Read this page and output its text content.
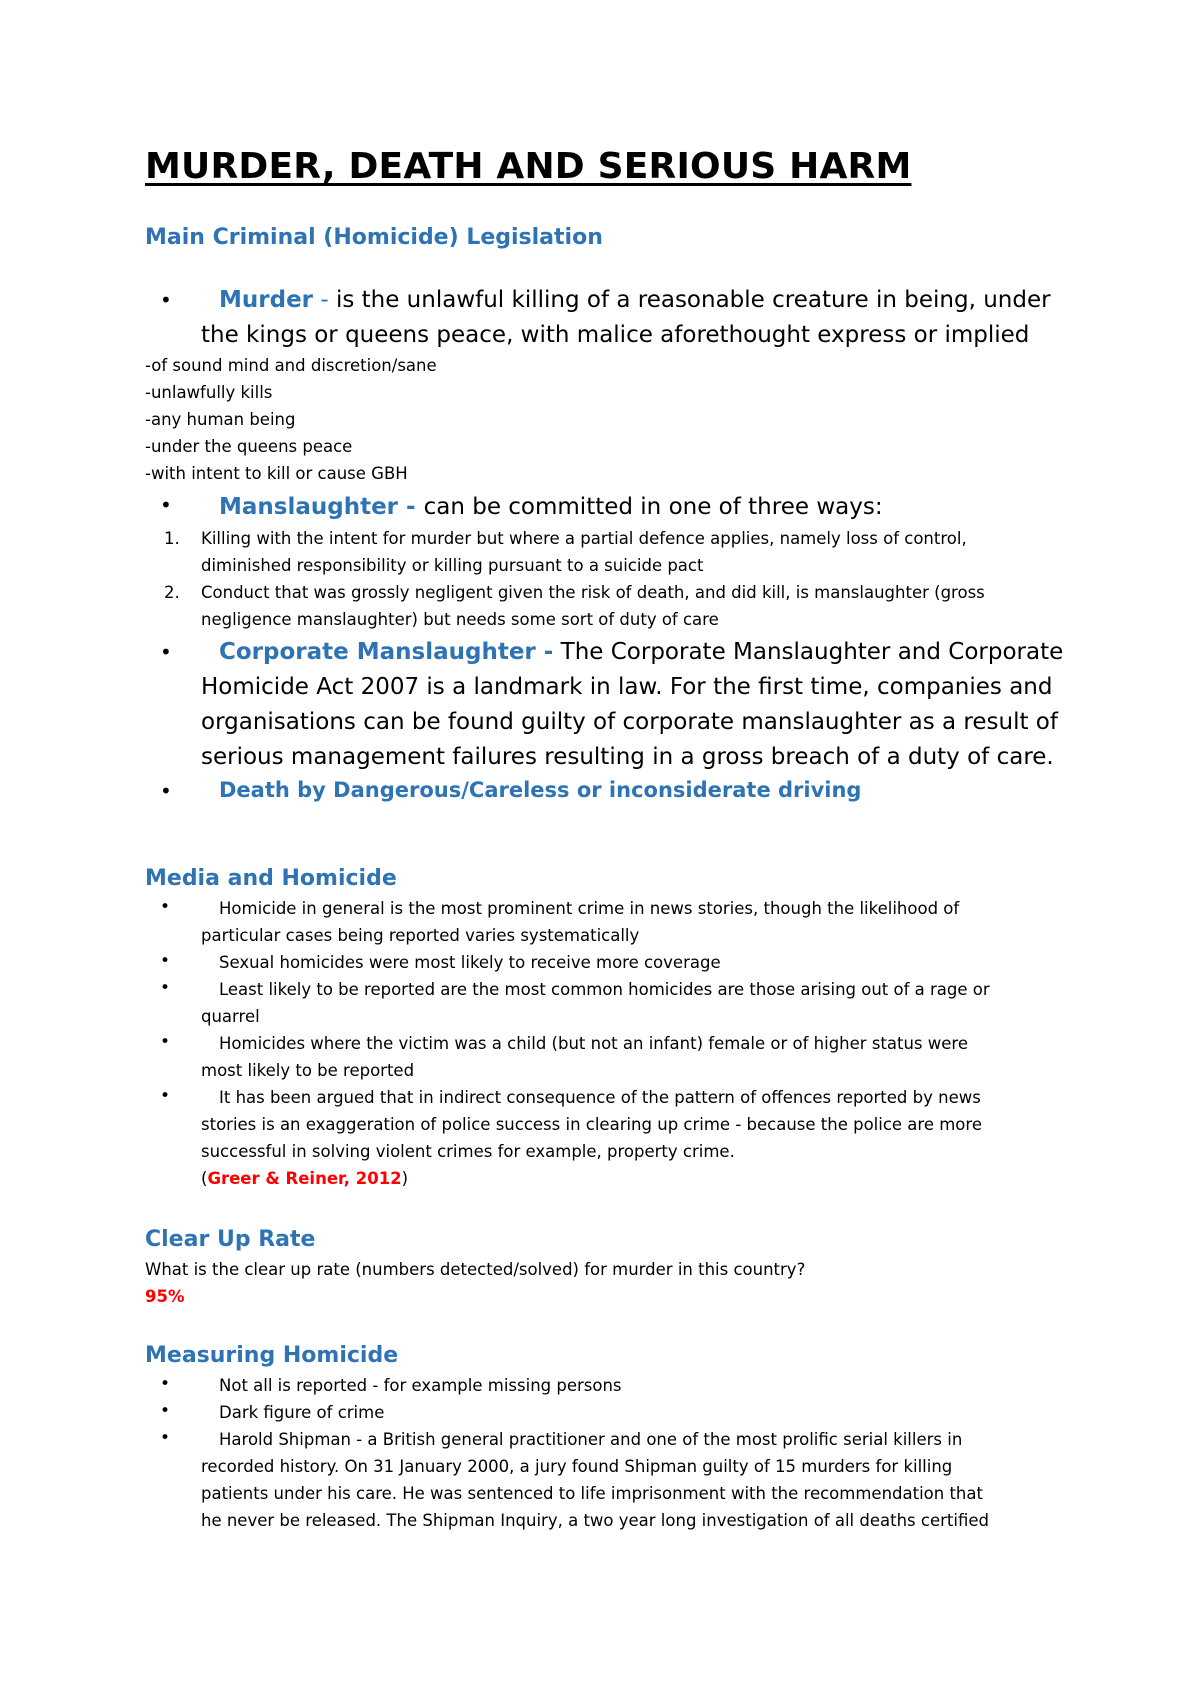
MURDER, DEATH AND SERIOUS HARM
Main Criminal (Homicide) Legislation
• Murder - is the unlawful killing of a reasonable creature in being, under
the kings or queens peace, with malice aforethought express or implied
-of sound mind and discretion/sane
-unlawfully kills
-any human being
-under the queens peace
-with intent to kill or cause GBH
• Manslaughter - can be committed in one of three ways:
1. Killing with the intent for murder but where a partial defence applies, namely loss of control,
diminished responsibility or killing pursuant to a suicide pact
2. Conduct that was grossly negligent given the risk of death, and did kill, is manslaughter (gross
negligence manslaughter) but needs some sort of duty of care
• Corporate Manslaughter - The Corporate Manslaughter and Corporate
Homicide Act 2007 is a landmark in law. For the first time, companies and
organisations can be found guilty of corporate manslaughter as a result of
serious management failures resulting in a gross breach of a duty of care.
• Death by Dangerous/Careless or inconsiderate driving
Media and Homicide
•	Homicide in general is the most prominent crime in news stories, though the likelihood of
particular cases being reported varies systematically
•	Sexual homicides were most likely to receive more coverage
•	Least likely to be reported are the most common homicides are those arising out of a rage or
quarrel
•	Homicides where the victim was a child (but not an infant) female or of higher status were
most likely to be reported
•	It has been argued that in indirect consequence of the pattern of offences reported by news
stories is an exaggeration of police success in clearing up crime - because the police are more
successful in solving violent crimes for example, property crime.
(Greer & Reiner, 2012)
Clear Up Rate
What is the clear up rate (numbers detected/solved) for murder in this country?
95%
Measuring Homicide
•	Not all is reported - for example missing persons
•	Dark figure of crime
•	Harold Shipman - a British general practitioner and one of the most prolific serial killers in
recorded history. On 31 January 2000, a jury found Shipman guilty of 15 murders for killing
patients under his care. He was sentenced to life imprisonment with the recommendation that
he never be released. The Shipman Inquiry, a two year long investigation of all deaths certified
